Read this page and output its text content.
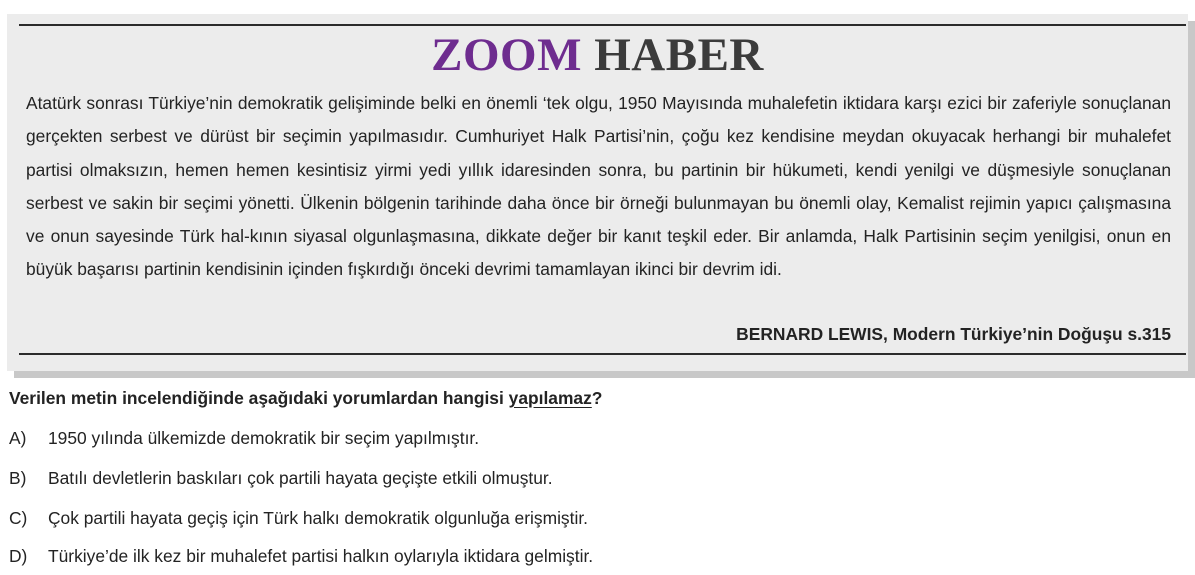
ZOOM HABER

Atatürk sonrası Türkiye’nin demokratik gelişiminde belki en önemli ‘tek olgu, 1950 Mayısında muhalefetin iktidara karşı ezici bir zaferiyle sonuçlanan gerçekten serbest ve dürüst bir seçimin yapılmasıdır. Cumhuriyet Halk Partisi’nin, çoğu kez kendisine meydan okuyacak herhangi bir muhalefet partisi olmaksızın, hemen hemen kesintisiz yirmi yedi yıllık idaresinden sonra, bu partinin bir hükumeti, kendi yenilgi ve düşmesiyle sonuçlanan serbest ve sakin bir seçimi yönetti. Ülkenin bölgenin tarihinde daha önce bir örneği bulunmayan bu önemli olay, Kemalist rejimin yapıcı çalışmasına ve onun sayesinde Türk hal-kının siyasal olgunlaşmasına, dikkate değer bir kanıt teşkil eder. Bir anlamda, Halk Partisinin seçim yenilgisi, onun en büyük başarısı partinin kendisinin içinden fışkırdığı önceki devrimi tamamlayan ikinci bir devrim idi.

BERNARD LEWIS, Modern Türkiye’nin Doğuşu s.315
Verilen metin incelendiğinde aşağıdaki yorumlardan hangisi yapılamaz?
A) 1950 yılında ülkemizde demokratik bir seçim yapılmıştır.
B) Batılı devletlerin baskıları çok partili hayata geçişte etkili olmuştur.
C) Çok partili hayata geçiş için Türk halkı demokratik olgunluğa erişmiştir.
D) Türkiye’de ilk kez bir muhalefet partisi halkın oylarıyla iktidara gelmiştir.
